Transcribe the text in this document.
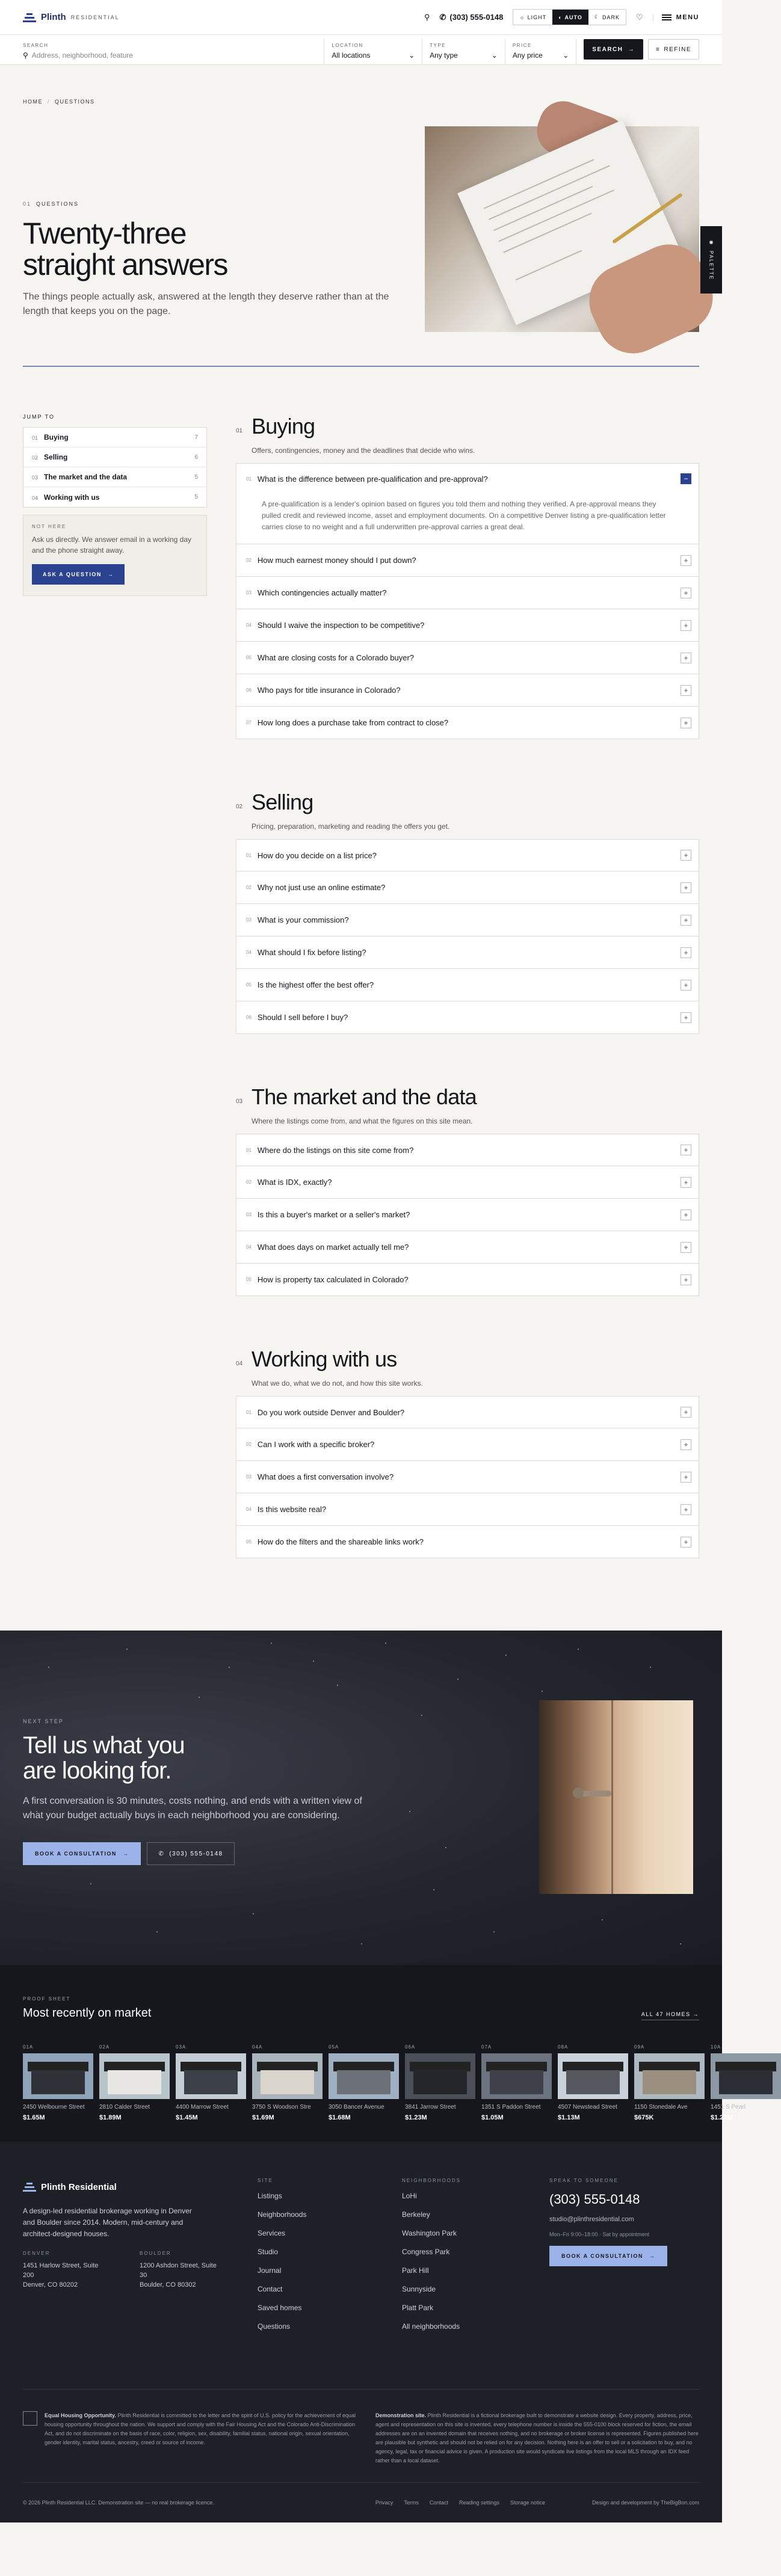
Plinth RESIDENTIAL	⚲ ✆ (303) 555-0148	☼ LIGHT ◐ AUTO ☾ DARK ♡	MENU
SEARCH
⚲ Address, neighborhood, feature
LOCATION
All locations	⌄
TYPE
Any type	⌄
PRICE
Any price	⌄
SEARCH →	≡ REFINE
HOME / QUESTIONS
01 QUESTIONS
Twenty-three
straight answers

The things people actually ask, answered at the length they deserve rather than at the length that keeps you on the page.

◉
PALETTE
JUMP TO
01 Buying	7
02 Selling	6
03 The market and the data	5
04 Working with us	5
NOT HERE

Ask us directly. We answer email in a working day and the phone straight away.

ASK A QUESTION →
01 Buying

Offers, contingencies, money and the deadlines that decide who wins.

01 What is the difference between pre-qualification and pre-approval?	−

A pre-qualification is a lender's opinion based on figures you told them and nothing they verified. A pre-approval means they pulled credit and reviewed income, asset and employment documents. On a competitive Denver listing a pre-qualification letter carries close to no weight and a full underwritten pre-approval carries a great deal.

02 How much earnest money should I put down?	+
03 Which contingencies actually matter?	+
04 Should I waive the inspection to be competitive?	+
05 What are closing costs for a Colorado buyer?	+
06 Who pays for title insurance in Colorado?	+
07 How long does a purchase take from contract to close?	+
02 Selling

Pricing, preparation, marketing and reading the offers you get.

01 How do you decide on a list price?	+
02 Why not just use an online estimate?	+
03 What is your commission?	+
04 What should I fix before listing?	+
05 Is the highest offer the best offer?	+
06 Should I sell before I buy?	+
03 The market and the data

Where the listings come from, and what the figures on this site mean.

01 Where do the listings on this site come from?	+
02 What is IDX, exactly?	+
03 Is this a buyer's market or a seller's market?	+
04 What does days on market actually tell me?	+
05 How is property tax calculated in Colorado?	+
04 Working with us

What we do, what we do not, and how this site works.

01 Do you work outside Denver and Boulder?	+
02 Can I work with a specific broker?	+
03 What does a first conversation involve?	+
04 Is this website real?	+
05 How do the filters and the shareable links work?	+
NEXT STEP
Tell us what you
are looking for.

A first conversation is 30 minutes, costs nothing, and ends with a written view of what your budget actually buys in each neighborhood you are considering.

BOOK A CONSULTATION →	✆ (303) 555-0148
PROOF SHEET
Most recently on market	ALL 47 HOMES →
01A
2450 Welbourne Street
$1.65M
02A
2810 Calder Street
$1.89M
03A
4400 Marrow Street
$1.45M
04A
3750 S Woodson Stre
$1.69M
05A
3050 Bancer Avenue
$1.68M
06A
3841 Jarrow Street
$1.23M
07A
1351 S Paddon Street
$1.05M
08A
4507 Newstead Street
$1.13M
09A
1150 Stonedale Ave
$675K
10A
1451 S Pearl
$1.27M
Plinth Residential

A design-led residential brokerage working in Denver and Boulder since 2014. Modern, mid-century and architect-designed houses.

DENVER

1451 Harlow Street, Suite 200
Denver, CO 80202

BOULDER

1200 Ashdon Street, Suite 30
Boulder, CO 80302

SITE
Listings
Neighborhoods
Services
Studio
Journal
Contact
Saved homes
Questions
NEIGHBORHOODS
LoHi
Berkeley
Washington Park
Congress Park
Park Hill
Sunnyside
Platt Park
All neighborhoods
SPEAK TO SOMEONE
(303) 555-0148
studio@plinthresidential.com
Mon–Fri 9:00–18:00 · Sat by appointment
BOOK A CONSULTATION →

Equal Housing Opportunity. Plinth Residential is committed to the letter and the spirit of U.S. policy for the achievement of equal housing opportunity throughout the nation. We support and comply with the Fair Housing Act and the Colorado Anti-Discrimination Act, and do not discriminate on the basis of race, color, religion, sex, disability, familial status, national origin, sexual orientation, gender identity, marital status, ancestry, creed or source of income.

Demonstration site. Plinth Residential is a fictional brokerage built to demonstrate a website design. Every property, address, price, agent and representation on this site is invented, every telephone number is inside the 555-0100 block reserved for fiction, the email addresses are on an invented domain that receives nothing, and no brokerage or broker license is represented. Figures published here are plausible but synthetic and should not be relied on for any decision. Nothing here is an offer to sell or a solicitation to buy, and no agency, legal, tax or financial advice is given. A production site would syndicate live listings from the local MLS through an IDX feed rather than a local dataset.

© 2026 Plinth Residential LLC. Demonstration site — no real brokerage licence.	Privacy Terms Contact Reading settings Storage notice	Design and development by TheBigBon.com
